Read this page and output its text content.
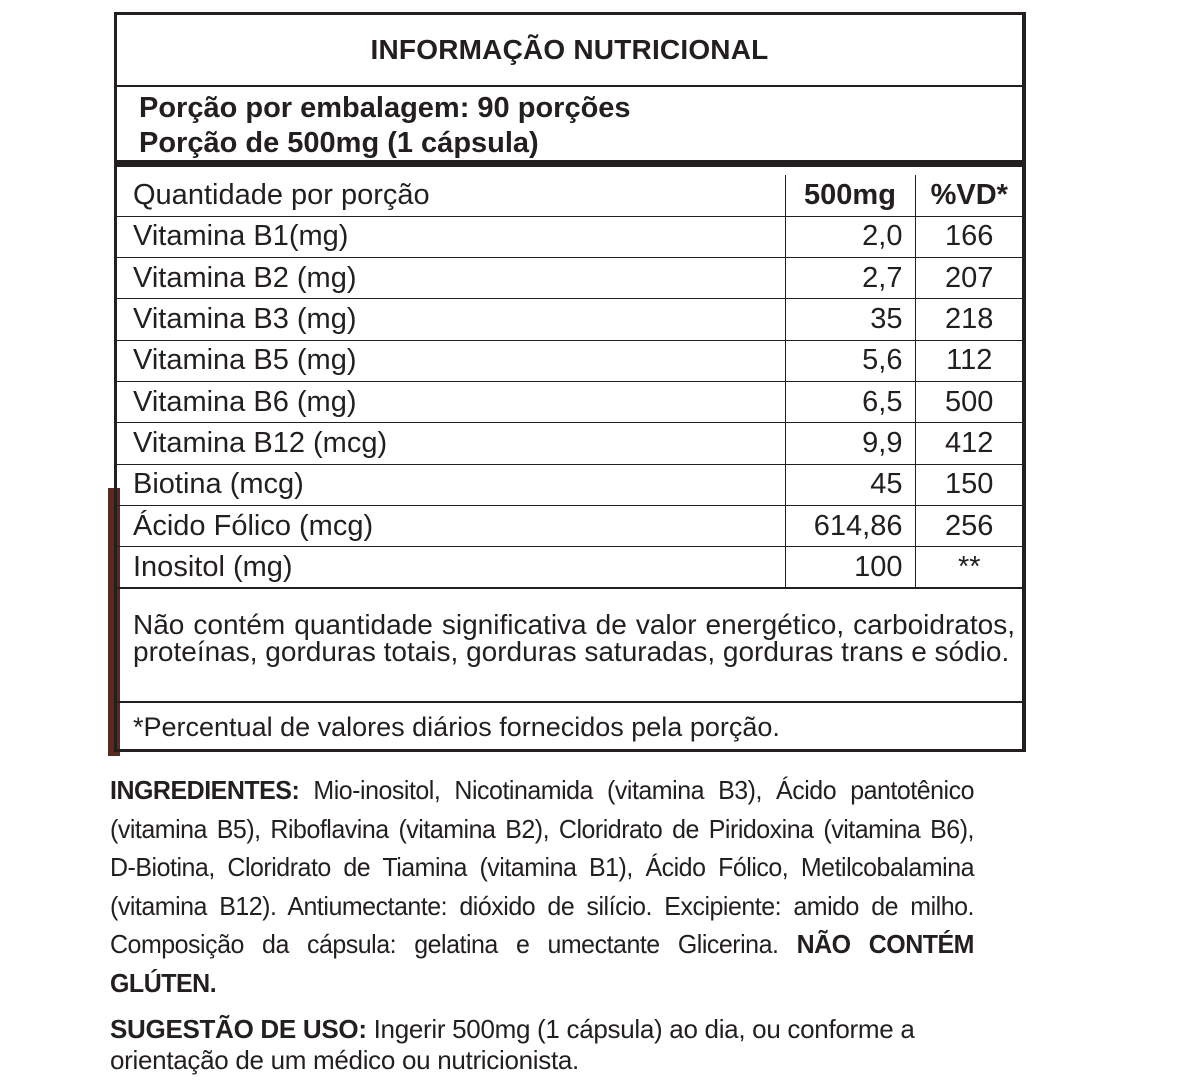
INFORMAÇÃO NUTRICIONAL
Porção por embalagem: 90 porções
Porção de 500mg (1 cápsula)
Quantidade por porção	500mg	%VD*
Vitamina B1(mg)	2,0	166
Vitamina B2 (mg)	2,7	207
Vitamina B3 (mg)	35	218
Vitamina B5 (mg)	5,6	112
Vitamina B6 (mg)	6,5	500
Vitamina B12 (mcg)	9,9	412
Biotina (mcg)	45	150
Ácido Fólico (mcg)	614,86	256
Inositol (mg)	100	**
Não contém quantidade significativa de valor energético, carboidratos, proteínas, gorduras totais, gorduras saturadas, gorduras trans e sódio.
*Percentual de valores diários fornecidos pela porção.
INGREDIENTES: Mio-inositol, Nicotinamida (vitamina B3), Ácido pantotênico (vitamina B5), Riboflavina (vitamina B2), Cloridrato de Piridoxina (vitamina B6), D-Biotina, Cloridrato de Tiamina (vitamina B1), Ácido Fólico, Metilcobalamina (vitamina B12). Antiumectante: dióxido de silício. Excipiente: amido de milho. Composição da cápsula: gelatina e umectante Glicerina. NÃO CONTÉM GLÚTEN.
SUGESTÃO DE USO: Ingerir 500mg (1 cápsula) ao dia, ou conforme a orientação de um médico ou nutricionista.
